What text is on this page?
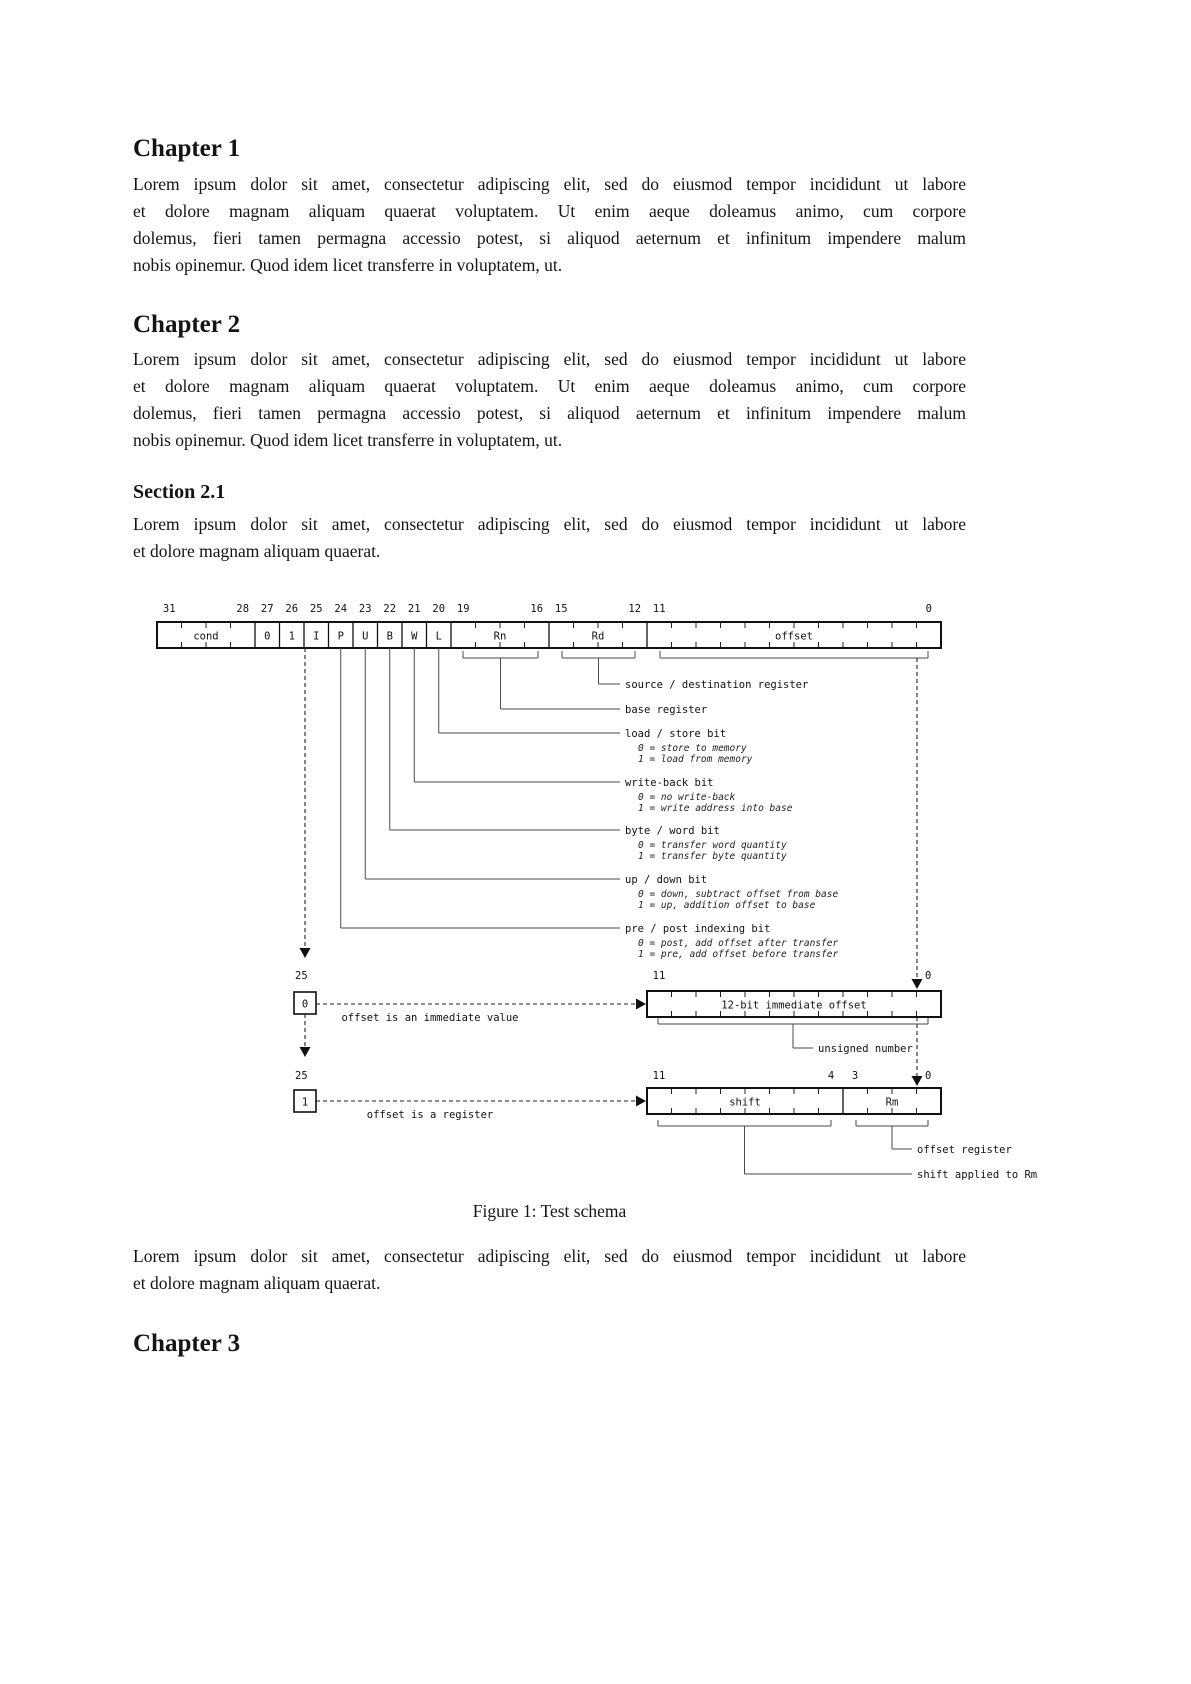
Chapter 1
Lorem ipsum dolor sit amet, consectetur adipiscing elit, sed do eiusmod tempor incididunt ut labore
et dolore magnam aliquam quaerat voluptatem. Ut enim aeque doleamus animo, cum corpore
dolemus, fieri tamen permagna accessio potest, si aliquod aeternum et infinitum impendere malum
nobis opinemur. Quod idem licet transferre in voluptatem, ut.
Chapter 2
Lorem ipsum dolor sit amet, consectetur adipiscing elit, sed do eiusmod tempor incididunt ut labore
et dolore magnam aliquam quaerat voluptatem. Ut enim aeque doleamus animo, cum corpore
dolemus, fieri tamen permagna accessio potest, si aliquod aeternum et infinitum impendere malum
nobis opinemur. Quod idem licet transferre in voluptatem, ut.
Section 2.1
Lorem ipsum dolor sit amet, consectetur adipiscing elit, sed do eiusmod tempor incididunt ut labore
et dolore magnam aliquam quaerat.
31	28 27 26 25 24 23 22 21 20 19	16 15	12 11	0
cond	0 1 I P U B W L	Rn	Rd	offset
source / destination register
base register
load / store bit
0 = store to memory
1 = load from memory
write-back bit
0 = no write-back
1 = write address into base
byte / word bit
0 = transfer word quantity
1 = transfer byte quantity
up / down bit
0 = down, subtract offset from base
1 = up, addition offset to base
pre / post indexing bit
0 = post, add offset after transfer
1 = pre, add offset before transfer
25
0
25
1
offset is an immediate value
offset is a register
11	0
unsigned number
12-bit immediate offset
11	4 3	0
offset register
shift applied to Rm
shift	Rm
Figure 1: Test schema
Lorem ipsum dolor sit amet, consectetur adipiscing elit, sed do eiusmod tempor incididunt ut labore
et dolore magnam aliquam quaerat.
Chapter 3
